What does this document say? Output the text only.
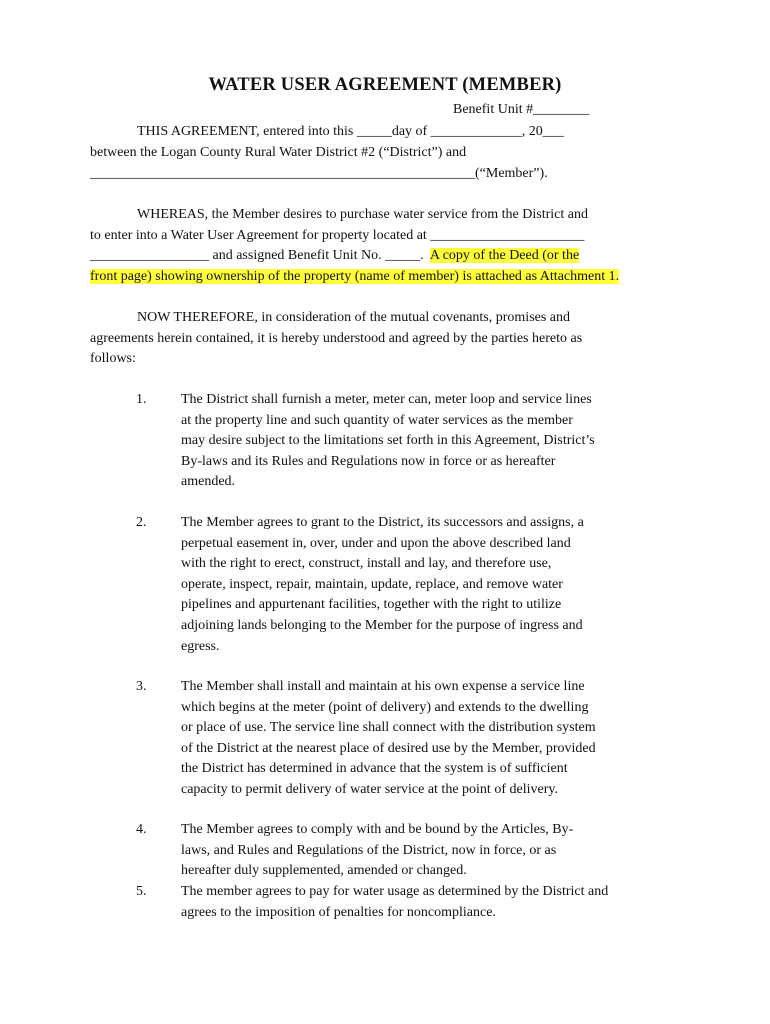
WATER USER AGREEMENT (MEMBER)
Benefit Unit #________
THIS AGREEMENT, entered into this _____day of _____________, 20___
between the Logan County Rural Water District #2 (“District”) and
_______________________________________________________(“Member”).
WHEREAS, the Member desires to purchase water service from the District and
to enter into a Water User Agreement for property located at ______________________
_________________ and assigned Benefit Unit No. _____. A copy of the Deed (or the
front page) showing ownership of the property (name of member) is attached as Attachment 1.
NOW THEREFORE, in consideration of the mutual covenants, promises and
agreements herein contained, it is hereby understood and agreed by the parties hereto as
follows:
1. The District shall furnish a meter, meter can, meter loop and service lines
at the property line and such quantity of water services as the member
may desire subject to the limitations set forth in this Agreement, District’s
By-laws and its Rules and Regulations now in force or as hereafter
amended.
2. The Member agrees to grant to the District, its successors and assigns, a
perpetual easement in, over, under and upon the above described land
with the right to erect, construct, install and lay, and therefore use,
operate, inspect, repair, maintain, update, replace, and remove water
pipelines and appurtenant facilities, together with the right to utilize
adjoining lands belonging to the Member for the purpose of ingress and
egress.
3. The Member shall install and maintain at his own expense a service line
which begins at the meter (point of delivery) and extends to the dwelling
or place of use. The service line shall connect with the distribution system
of the District at the nearest place of desired use by the Member, provided
the District has determined in advance that the system is of sufficient
capacity to permit delivery of water service at the point of delivery.
4. The Member agrees to comply with and be bound by the Articles, By-
laws, and Rules and Regulations of the District, now in force, or as
hereafter duly supplemented, amended or changed.
5. The member agrees to pay for water usage as determined by the District and
agrees to the imposition of penalties for noncompliance.
